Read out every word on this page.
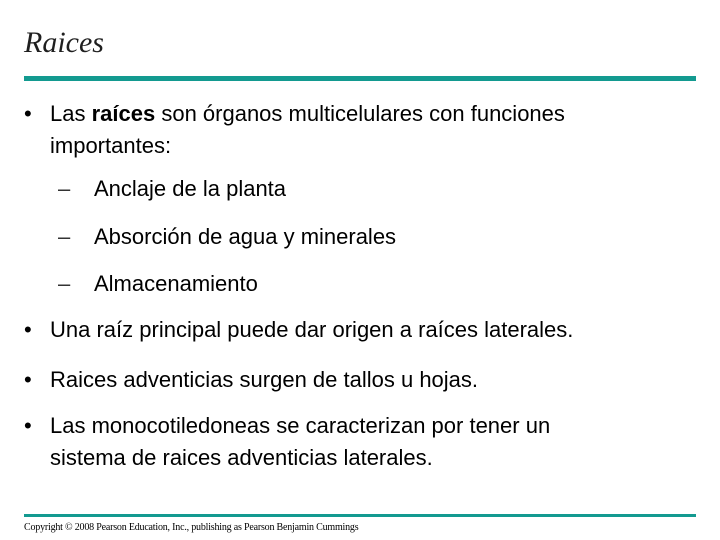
Raices
• Las raíces son órganos multicelulares con funciones importantes:
– Anclaje de la planta
– Absorción de agua y minerales
– Almacenamiento
• Una raíz principal puede dar origen a raíces laterales.
• Raices adventicias surgen de tallos u hojas.
• Las monocotiledoneas se caracterizan por tener un sistema de raices adventicias laterales.
Copyright © 2008 Pearson Education, Inc., publishing as Pearson Benjamin Cummings
